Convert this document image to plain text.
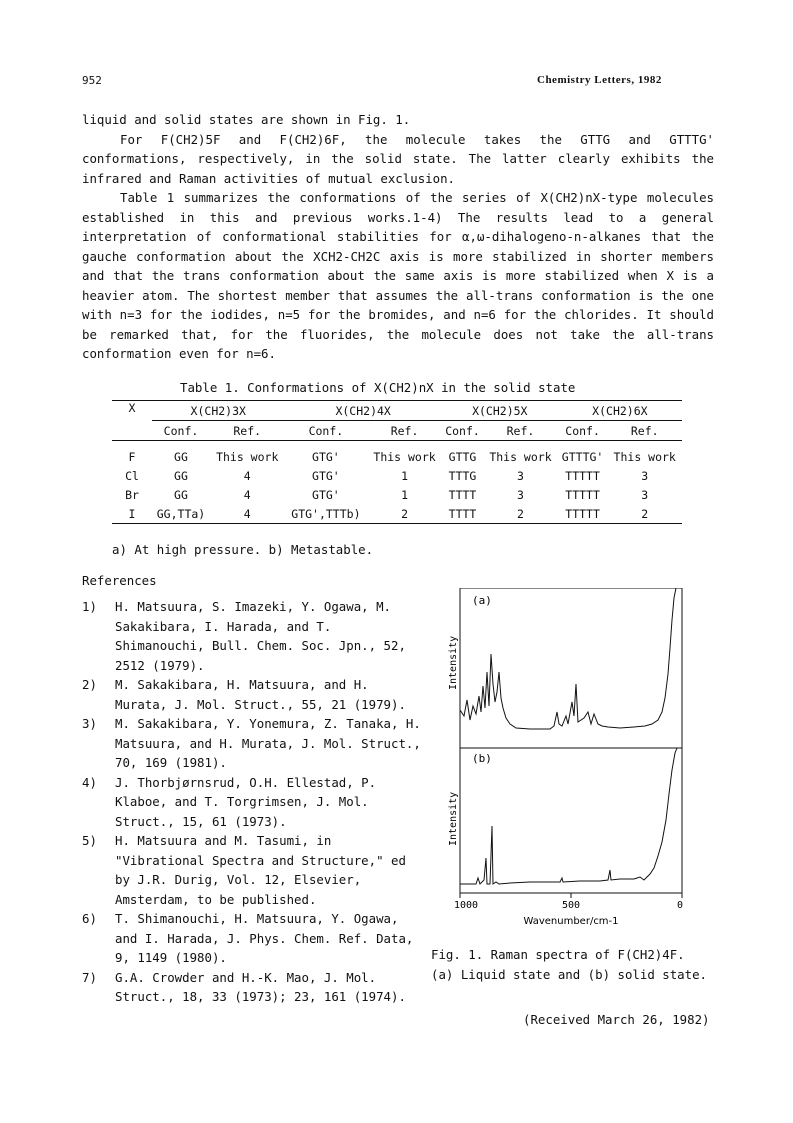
952	Chemistry Letters, 1982

liquid and solid states are shown in Fig. 1.

For F(CH2)5F and F(CH2)6F, the molecule takes the GTTG and GTTTG' conformations, respectively, in the solid state. The latter clearly exhibits the infrared and Raman activities of mutual exclusion.

Table 1 summarizes the conformations of the series of X(CH2)nX-type molecules established in this and previous works.1-4) The results lead to a general interpretation of conformational stabilities for α,ω-dihalogeno-n-alkanes that the gauche conformation about the XCH2-CH2C axis is more stabilized in shorter members and that the trans conformation about the same axis is more stabilized when X is a heavier atom. The shortest member that assumes the all-trans conformation is the one with n=3 for the iodides, n=5 for the bromides, and n=6 for the chlorides. It should be remarked that, for the fluorides, the molecule does not take the all-trans conformation even for n=6.

Table 1. Conformations of X(CH2)nX in the solid state
X	X(CH2)3X		X(CH2)4X		X(CH2)5X		X(CH2)6X	
	Conf.	Ref.	Conf.	Ref.	Conf.	Ref.	Conf.	Ref.

F	GG	This work	GTG'	This work	GTTG	This work	GTTTG'	This work
Cl	GG	4	GTG'	1	TTTG	3	TTTTT	3
Br	GG	4	GTG'	1	TTTT	3	TTTTT	3
I	GG,TTa)	4	GTG',TTTb)	2	TTTT	2	TTTTT	2
a) At high pressure. b) Metastable.
References

1) H. Matsuura, S. Imazeki, Y. Ogawa, M. Sakakibara, I. Harada, and T. Shimanouchi, Bull. Chem. Soc. Jpn., 52, 2512 (1979).

2) M. Sakakibara, H. Matsuura, and H. Murata, J. Mol. Struct., 55, 21 (1979).

3) M. Sakakibara, Y. Yonemura, Z. Tanaka, H. Matsuura, and H. Murata, J. Mol. Struct., 70, 169 (1981).

4) J. Thorbjørnsrud, O.H. Ellestad, P. Klaboe, and T. Torgrimsen, J. Mol. Struct., 15, 61 (1973).

5) H. Matsuura and M. Tasumi, in "Vibrational Spectra and Structure," ed by J.R. Durig, Vol. 12, Elsevier, Amsterdam, to be published.

6) T. Shimanouchi, H. Matsuura, Y. Ogawa, and I. Harada, J. Phys. Chem. Ref. Data, 9, 1149 (1980).

7) G.A. Crowder and H.-K. Mao, J. Mol. Struct., 18, 33 (1973); 23, 161 (1974).

(a)
Intensity
(b)
Intensity
1000	500	0
Wavenumber/cm-1
Fig. 1. Raman spectra of F(CH2)4F.
(a) Liquid state and (b) solid state.
(Received March 26, 1982)
